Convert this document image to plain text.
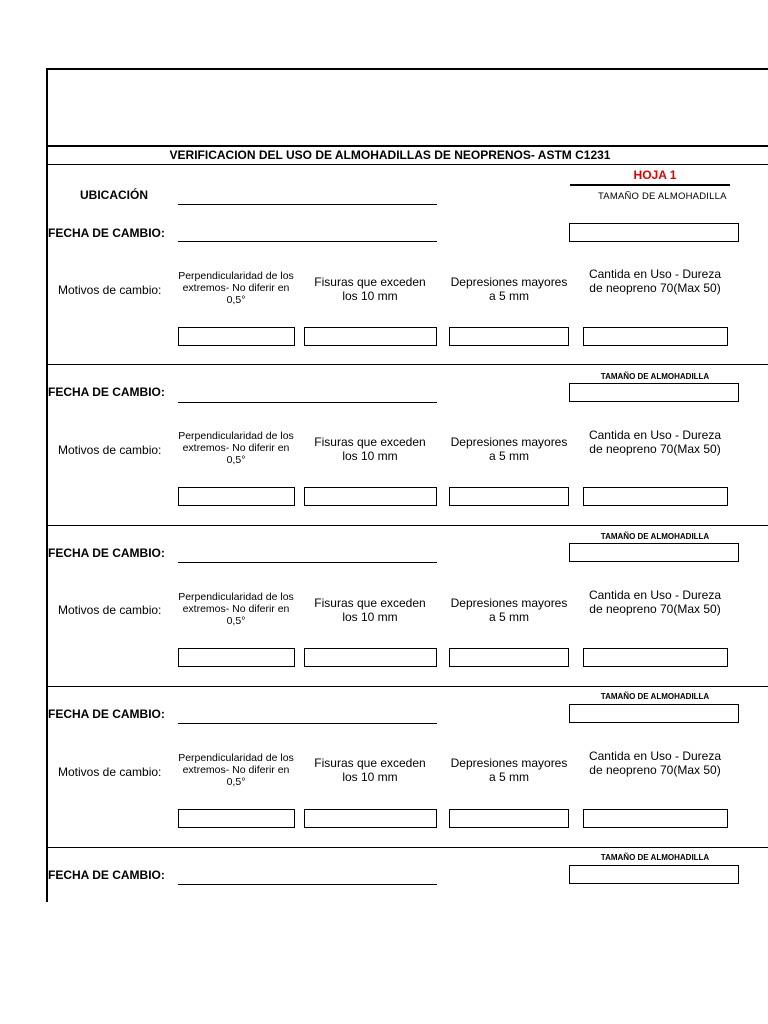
VERIFICACION DEL USO DE ALMOHADILLAS DE NEOPRENOS- ASTM C1231
HOJA 1
UBICACIÓN	TAMAÑO DE ALMOHADILLA
FECHA DE CAMBIO:
Motivos de cambio:
Perpendicularidad de los extremos- No diferir en 0,5°
Fisuras que exceden los 10 mm
Depresiones mayores a 5 mm
Cantida en Uso - Dureza de neopreno 70(Max 50)
TAMAÑO DE ALMOHADILLA
FECHA DE CAMBIO:
Motivos de cambio:
Perpendicularidad de los extremos- No diferir en 0,5°
Fisuras que exceden los 10 mm
Depresiones mayores a 5 mm
Cantida en Uso - Dureza de neopreno 70(Max 50)
TAMAÑO DE ALMOHADILLA
FECHA DE CAMBIO:
Motivos de cambio:
Perpendicularidad de los extremos- No diferir en 0,5°
Fisuras que exceden los 10 mm
Depresiones mayores a 5 mm
Cantida en Uso - Dureza de neopreno 70(Max 50)
TAMAÑO DE ALMOHADILLA
FECHA DE CAMBIO:
Motivos de cambio:
Perpendicularidad de los extremos- No diferir en 0,5°
Fisuras que exceden los 10 mm
Depresiones mayores a 5 mm
Cantida en Uso - Dureza de neopreno 70(Max 50)
TAMAÑO DE ALMOHADILLA
FECHA DE CAMBIO:
